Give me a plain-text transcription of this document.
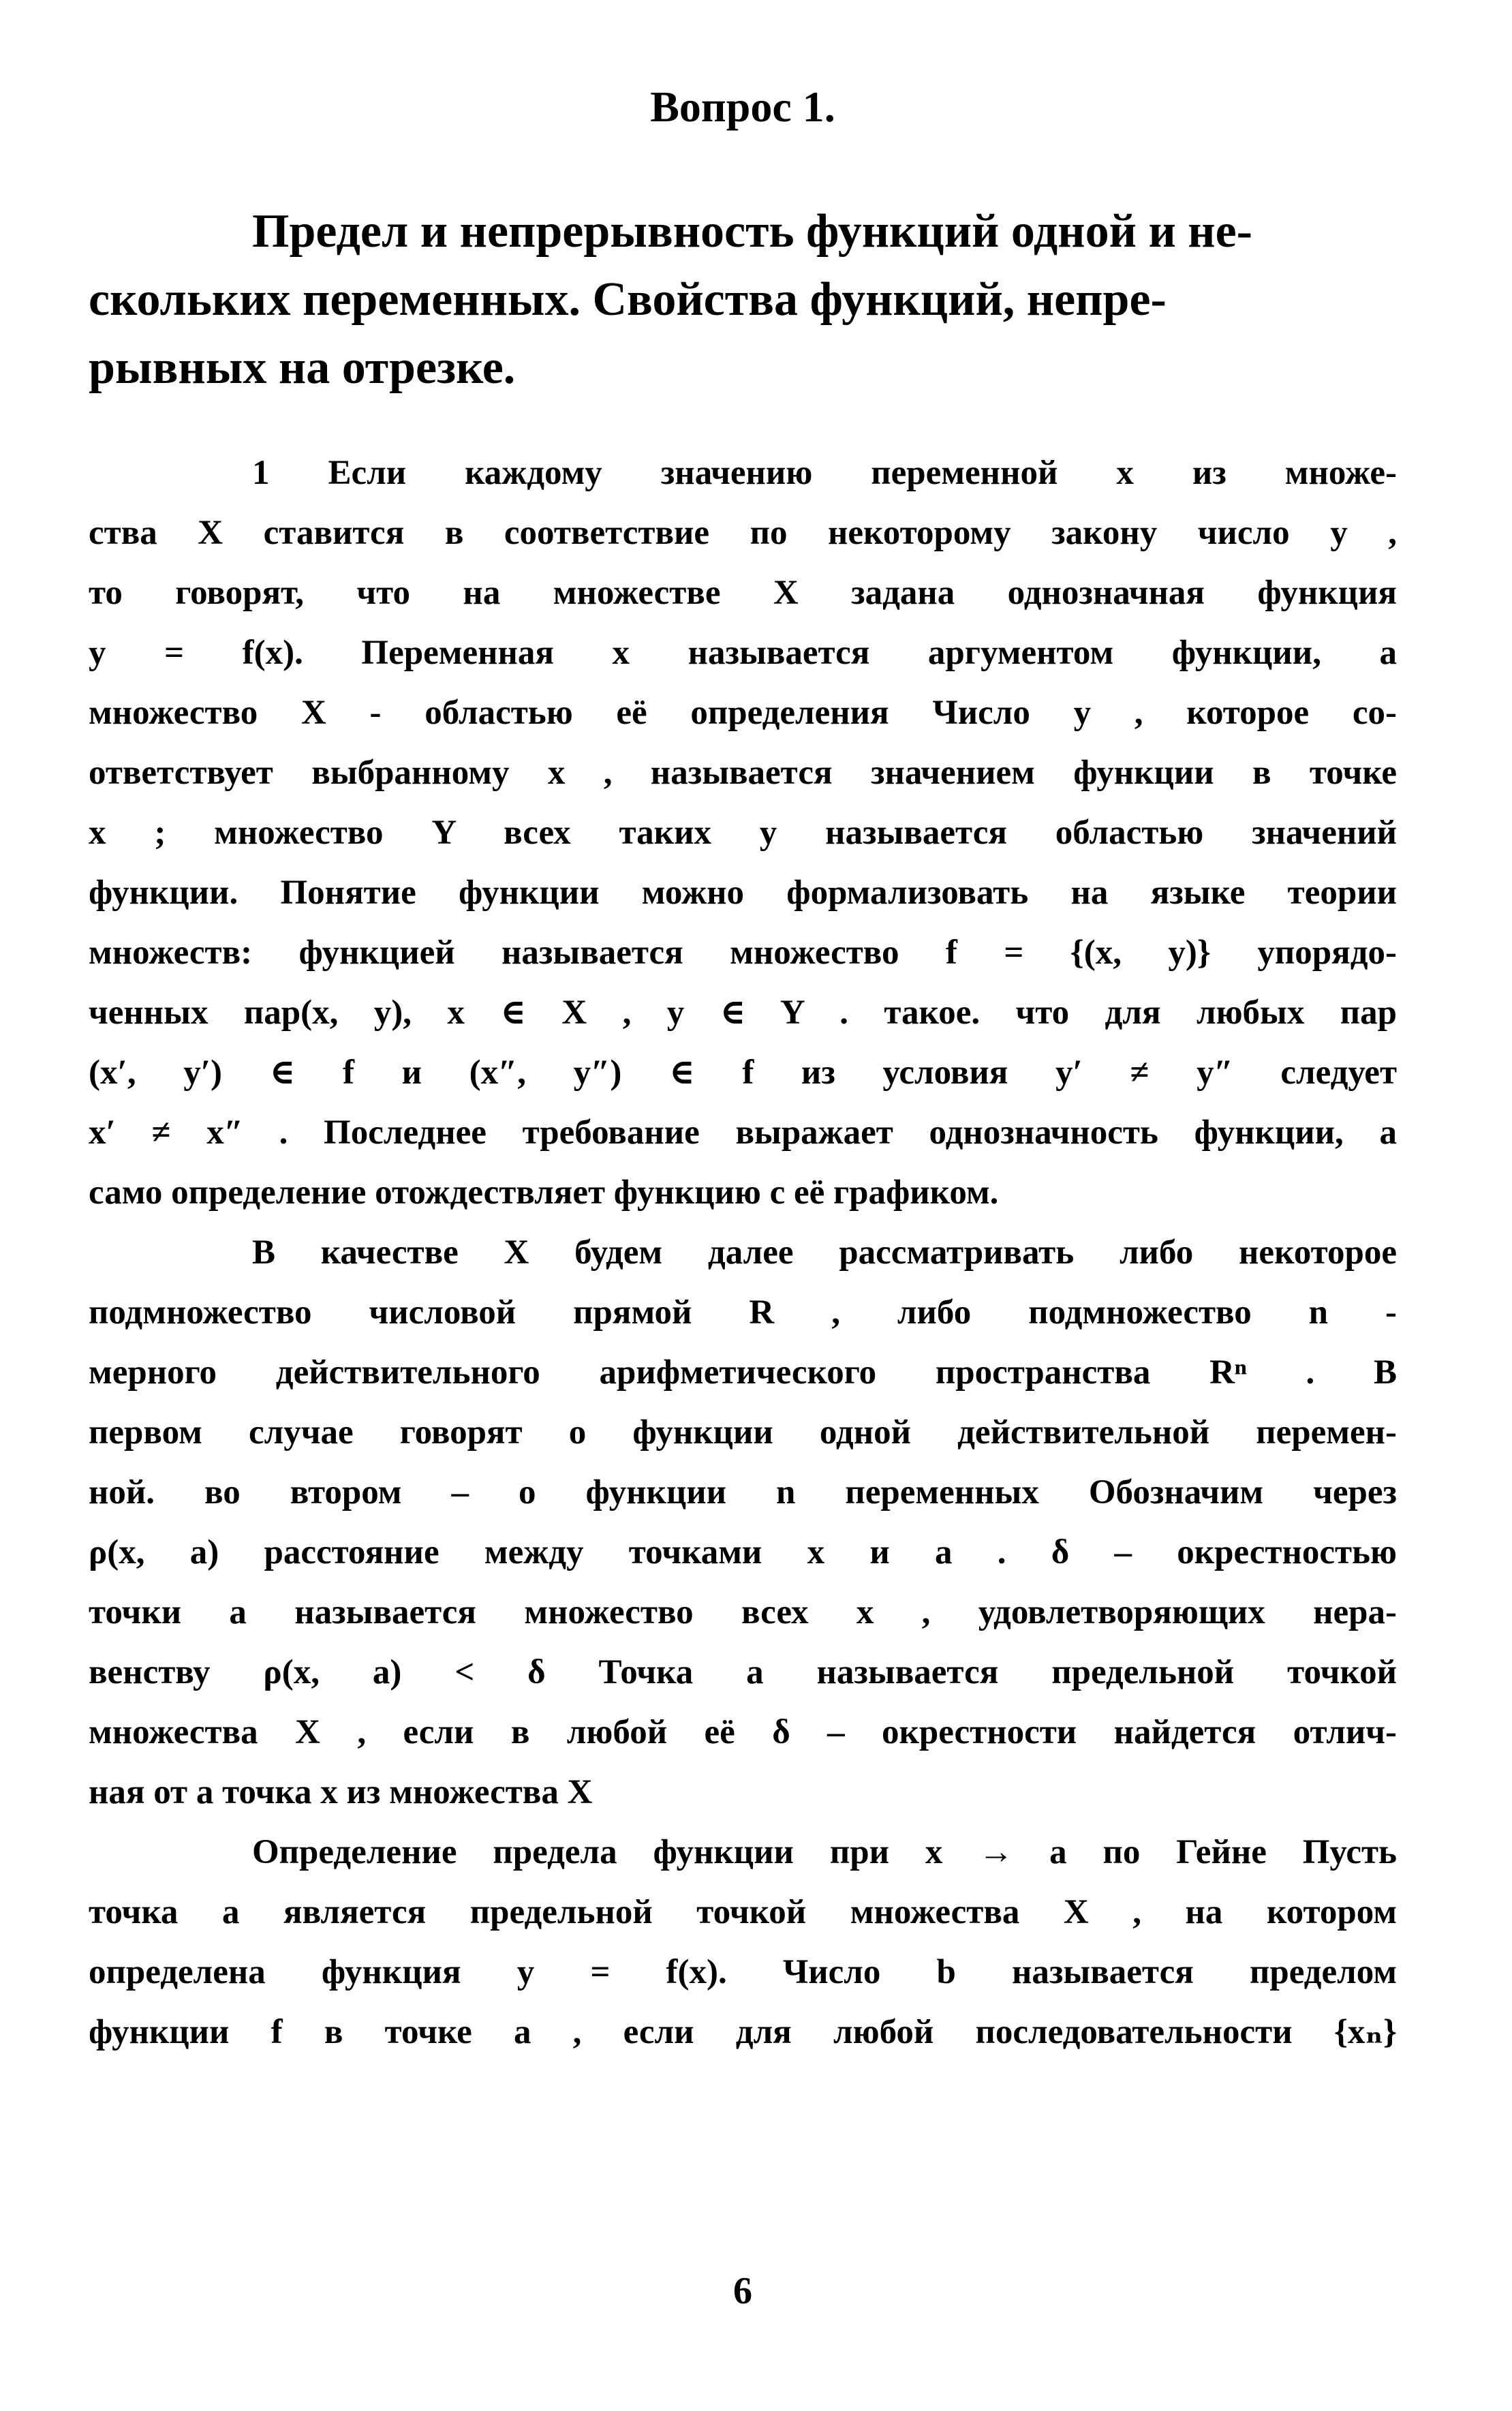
Вопрос 1.
Предел и непрерывность функций одной и не-
скольких переменных. Свойства функций, непре-
рывных на отрезке.
1 Если каждому значению переменной x из множе-
ства X ставится в соответствие по некоторому закону число y ,
то говорят, что на множестве X задана однозначная функция
y = f(x). Переменная x называется аргументом функции, а
множество X - областью её определения Число y , которое со-
ответствует выбранному x , называется значением функции в точке
x ; множество Y всех таких y называется областью значений
функции. Понятие функции можно формализовать на языке теории
множеств: функцией называется множество f = {(x, y)} упорядо-
ченных пар(x, y), x ∈ X , y ∈ Y . такое. что для любых пар
(x′, y′) ∈ f и (x″, y″) ∈ f из условия y′ ≠ y″ следует
x′ ≠ x″ . Последнее требование выражает однозначность функции, а
само определение отождествляет функцию с её графиком.
В качестве X будем далее рассматривать либо некоторое
подмножество числовой прямой R , либо подмножество n -
мерного действительного арифметического пространства Rⁿ . В
первом случае говорят о функции одной действительной перемен-
ной. во втором – о функции n переменных Обозначим через
ρ(x, a) расстояние между точками x и a . δ – окрестностью
точки a называется множество всех x , удовлетворяющих нера-
венству ρ(x, a) < δ Точка a называется предельной точкой
множества X , если в любой её δ – окрестности найдется отлич-
ная от a точка x из множества X
Определение предела функции при x → a по Гейне Пусть
точка a является предельной точкой множества X , на котором
определена функция y = f(x). Число b называется пределом
функции f в точке a , если для любой последовательности {xₙ}
6
